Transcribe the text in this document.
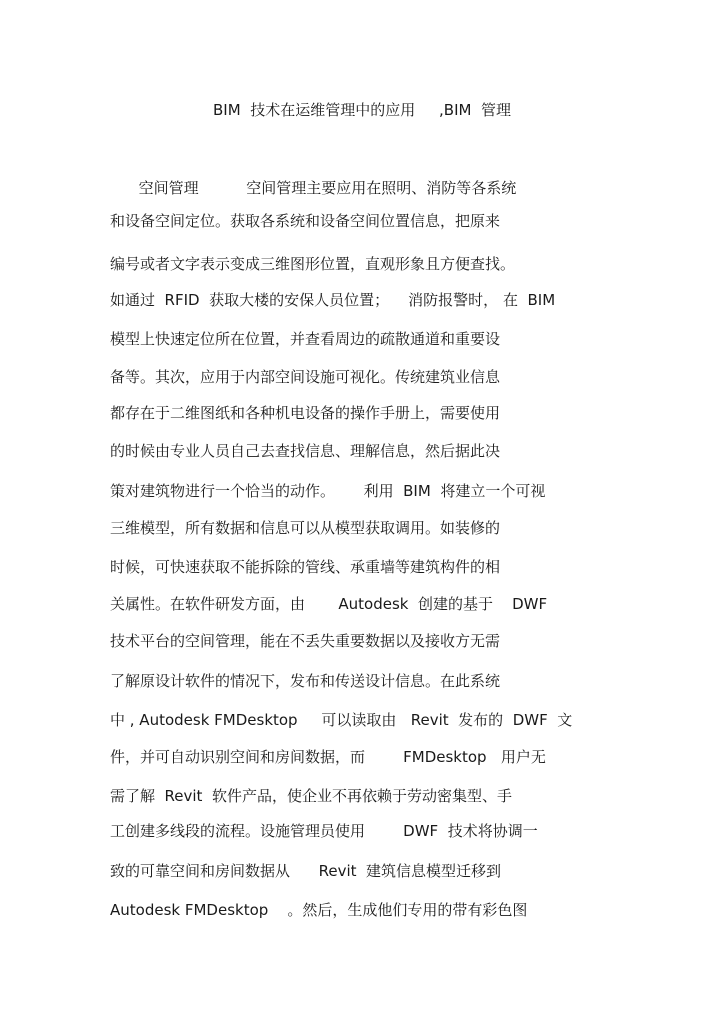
BIM  技术在运维管理中的应用     ,BIM  管理
空间管理          空间管理主要应用在照明、消防等各系统
和设备空间定位。获取各系统和设备空间位置信息，把原来
编号或者文字表示变成三维图形位置，直观形象且方便查找。
如通过  RFID  获取大楼的安保人员位置；    消防报警时， 在  BIM
模型上快速定位所在位置，并查看周边的疏散通道和重要设
备等。其次，应用于内部空间设施可视化。传统建筑业信息
都存在于二维图纸和各种机电设备的操作手册上，需要使用
的时候由专业人员自己去查找信息、理解信息，然后据此决
策对建筑物进行一个恰当的动作。      利用  BIM  将建立一个可视
三维模型，所有数据和信息可以从模型获取调用。如装修的
时候，可快速获取不能拆除的管线、承重墙等建筑构件的相
关属性。在软件研发方面，由       Autodesk  创建的基于    DWF
技术平台的空间管理，能在不丢失重要数据以及接收方无需
了解原设计软件的情况下，发布和传送设计信息。在此系统
中 , Autodesk FMDesktop     可以读取由   Revit  发布的  DWF  文
件，并可自动识别空间和房间数据，而        FMDesktop   用户无
需了解  Revit  软件产品，使企业不再依赖于劳动密集型、手
工创建多线段的流程。设施管理员使用        DWF  技术将协调一
致的可靠空间和房间数据从      Revit  建筑信息模型迁移到
Autodesk FMDesktop    。然后，生成他们专用的带有彩色图
